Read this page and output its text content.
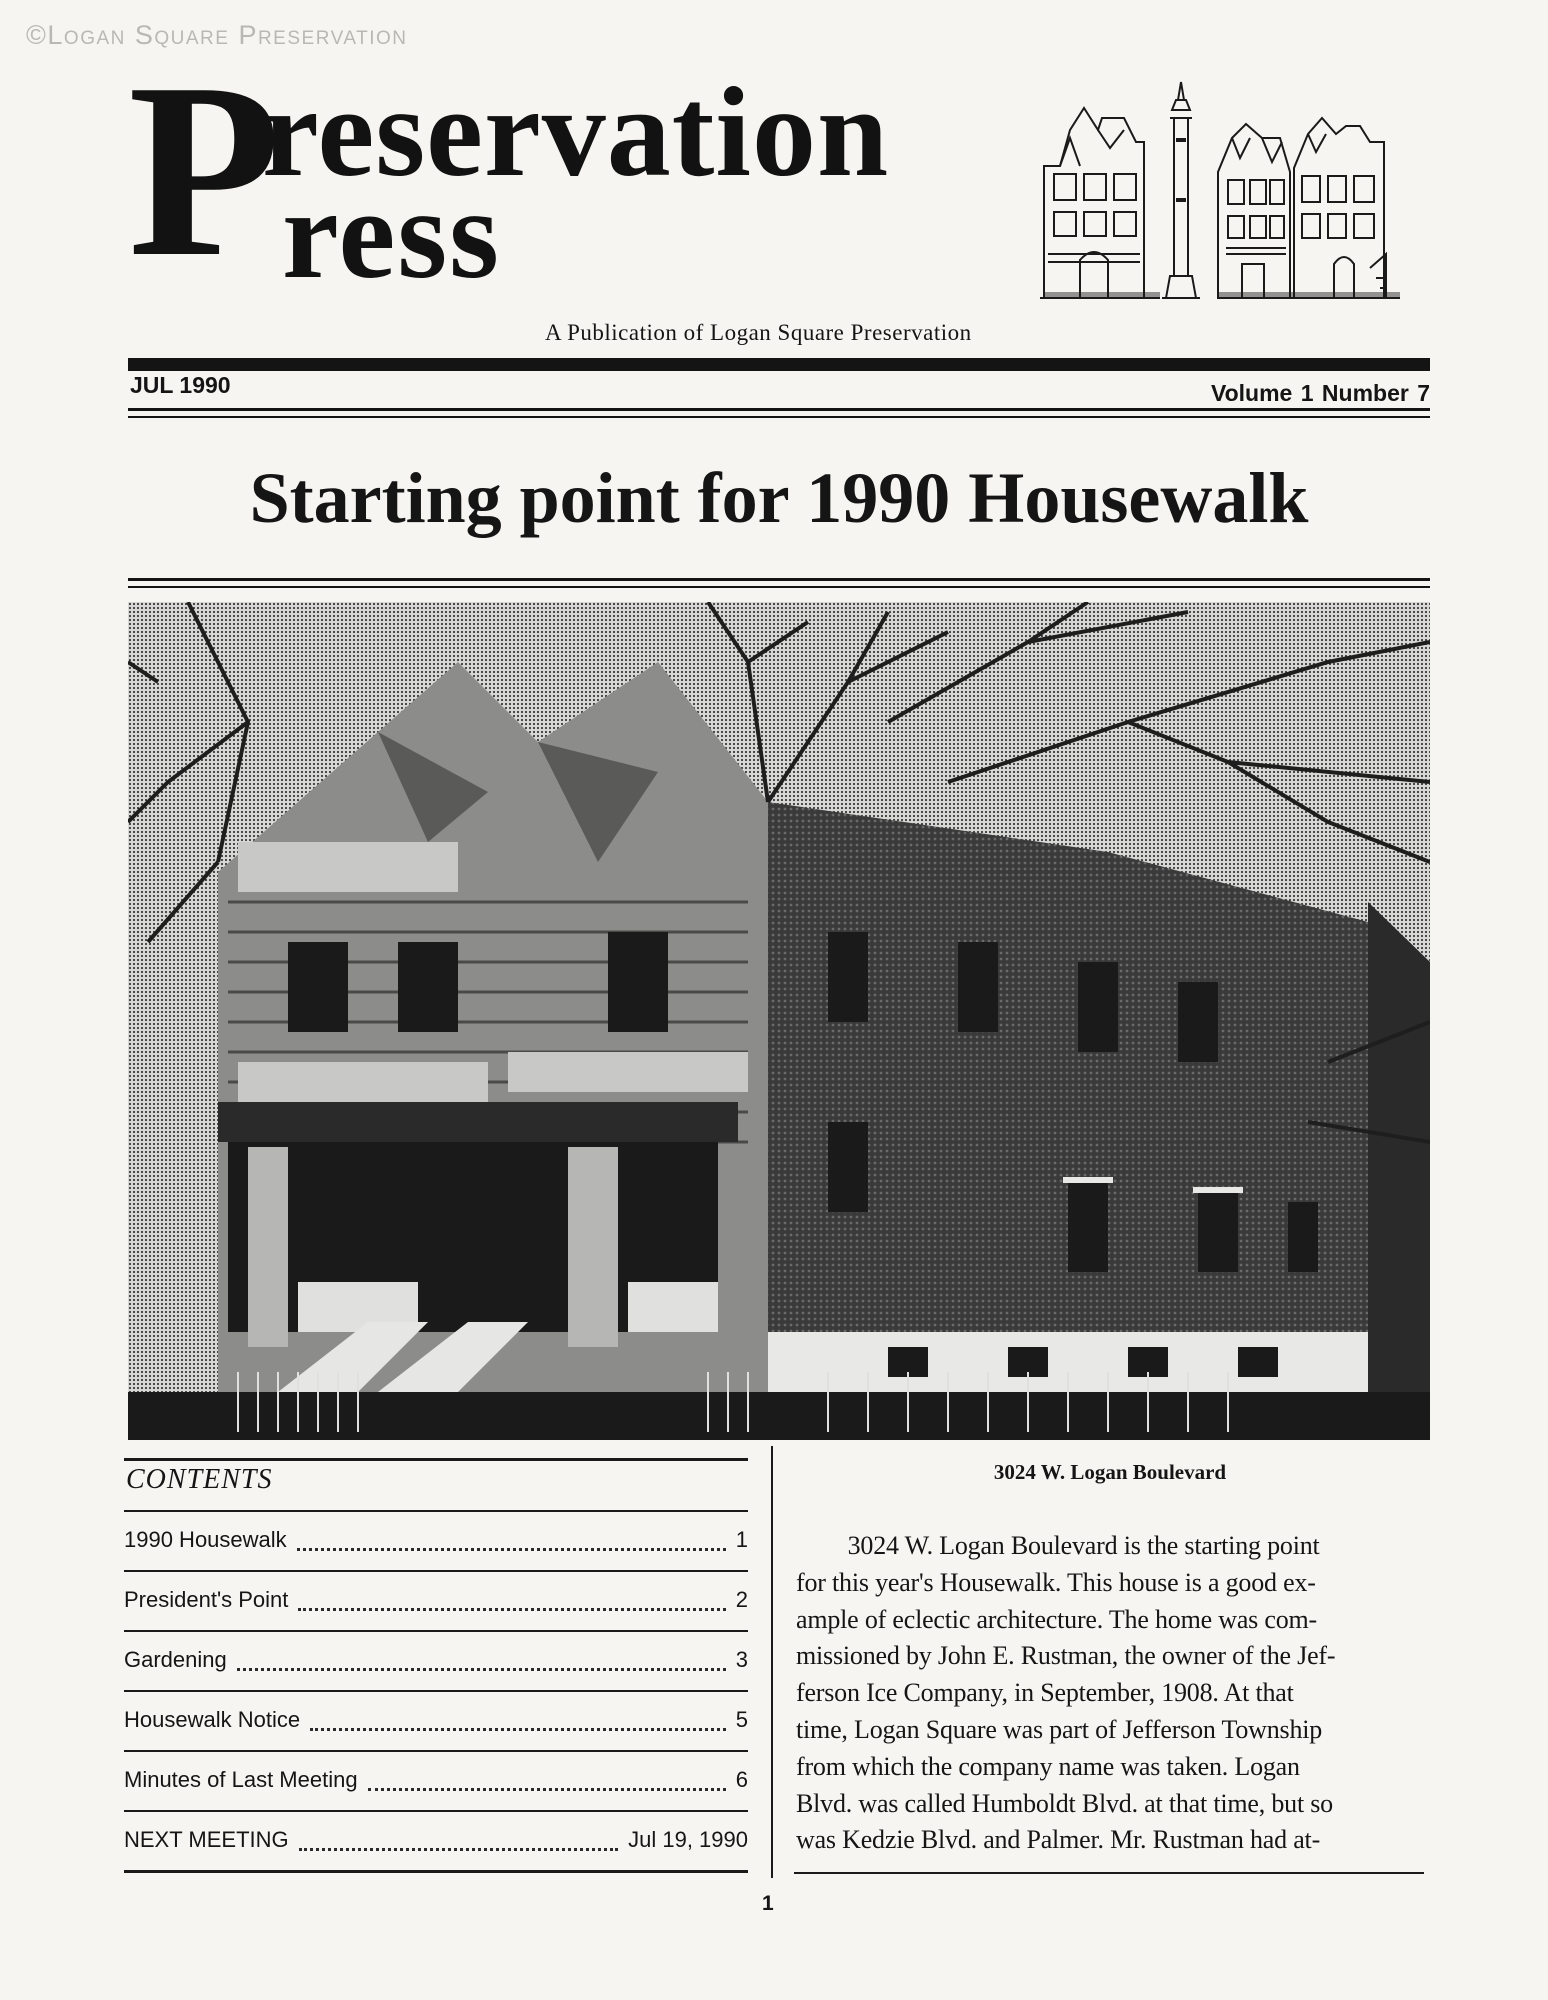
©Logan Square Preservation
P
reservation
ress
A Publication of Logan Square Preservation
JUL 1990	Volume 1 Number 7
Starting point for 1990 Housewalk
CONTENTS
1990 Housewalk	1
President's Point	2
Gardening	3
Housewalk Notice	5
Minutes of Last Meeting	6
NEXT MEETING	Jul 19, 1990
3024 W. Logan Boulevard
  3024 W. Logan Boulevard is the starting point
for this year's Housewalk. This house is a good ex-
ample of eclectic architecture. The home was com-
missioned by John E. Rustman, the owner of the Jef-
ferson Ice Company, in September, 1908. At that
time, Logan Square was part of Jefferson Township
from which the company name was taken. Logan
Blvd. was called Humboldt Blvd. at that time, but so
was Kedzie Blvd. and Palmer. Mr. Rustman had at-
1
